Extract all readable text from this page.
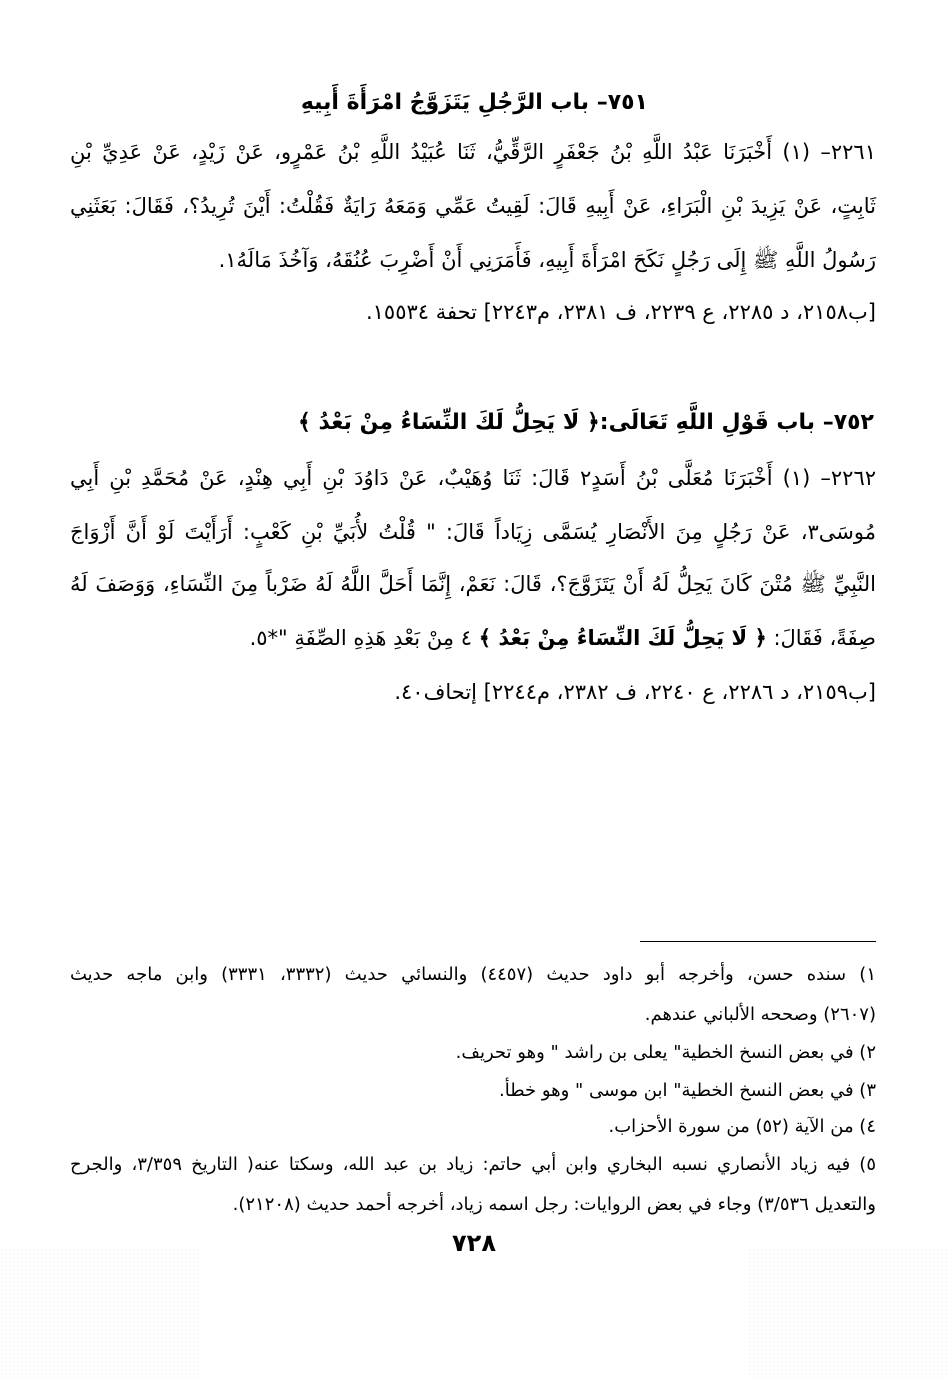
٧٥١– باب الرَّجُلِ يَتَزَوَّجُ امْرَأَةَ أَبِيهِ
٢٢٦١– (١) أَخْبَرَنَا عَبْدُ اللَّهِ بْنُ جَعْفَرٍ الرَّقِّيُّ، ثَنَا عُبَيْدُ اللَّهِ بْنُ عَمْرٍو، عَنْ زَيْدٍ، عَنْ عَدِيِّ بْنِ
ثَابِتٍ، عَنْ يَزِيدَ بْنِ الْبَرَاءِ، عَنْ أَبِيهِ قَالَ: لَقِيتُ عَمِّي وَمَعَهُ رَايَةٌ فَقُلْتُ: أَيْنَ تُرِيدُ؟، فَقَالَ: بَعَثَنِي
رَسُولُ اللَّهِ ﷺ إِلَى رَجُلٍ نَكَحَ امْرَأَةَ أَبِيهِ، فَأَمَرَنِي أَنْ أَضْرِبَ عُنُقَهُ، وَآخُذَ مَالَهُ١.
[ب٢١٥٨، د ٢٢٨٥، ع ٢٢٣٩، ف ٢٣٨١، م٢٢٤٣] تحفة ١٥٥٣٤.
٧٥٢– باب قَوْلِ اللَّهِ تَعَالَى:﴿ لَا يَحِلُّ لَكَ النِّسَاءُ مِنْ بَعْدُ ﴾
٢٢٦٢– (١) أَخْبَرَنَا مُعَلَّى بْنُ أَسَدٍ٢ قَالَ: ثَنَا وُهَيْبٌ، عَنْ دَاوُدَ بْنِ أَبِي هِنْدٍ، عَنْ مُحَمَّدِ بْنِ أَبِي
مُوسَى٣، عَنْ رَجُلٍ مِنَ الأَنْصَارِ يُسَمَّى زِيَاداً قَالَ: " قُلْتُ لأُبَيِّ بْنِ كَعْبٍ: أَرَأَيْتَ لَوْ أَنَّ أَزْوَاجَ
النَّبِيِّ ﷺ مُتْنَ كَانَ يَحِلُّ لَهُ أَنْ يَتَزَوَّجَ؟، قَالَ: نَعَمْ، إِنَّمَا أَحَلَّ اللَّهُ لَهُ ضَرْباً مِنَ النِّسَاءِ، وَوَصَفَ لَهُ
صِفَةً، فَقَالَ: ﴿ لَا يَحِلُّ لَكَ النِّسَاءُ مِنْ بَعْدُ ﴾ ٤ مِنْ بَعْدِ هَذِهِ الصِّفَةِ "*٥.
[ب٢١٥٩، د ٢٢٨٦، ع ٢٢٤٠، ف ٢٣٨٢، م٢٢٤٤] إتحاف٤٠.
١) سنده حسن، وأخرجه أبو داود حديث (٤٤٥٧) والنسائي حديث (٣٣٣٢، ٣٣٣١) وابن ماجه حديث
(٢٦٠٧) وصححه الألباني عندهم.
٢) في بعض النسخ الخطية" يعلى بن راشد " وهو تحريف.
٣) في بعض النسخ الخطية" ابن موسى " وهو خطأ.
٤) من الآية (٥٢) من سورة الأحزاب.
٥) فيه زياد الأنصاري نسبه البخاري وابن أبي حاتم: زياد بن عبد الله، وسكتا عنه( التاريخ ٣/٣٥٩، والجرح
والتعديل ٣/٥٣٦) وجاء في بعض الروايات: رجل اسمه زياد، أخرجه أحمد حديث (٢١٢٠٨).
٧٢٨
